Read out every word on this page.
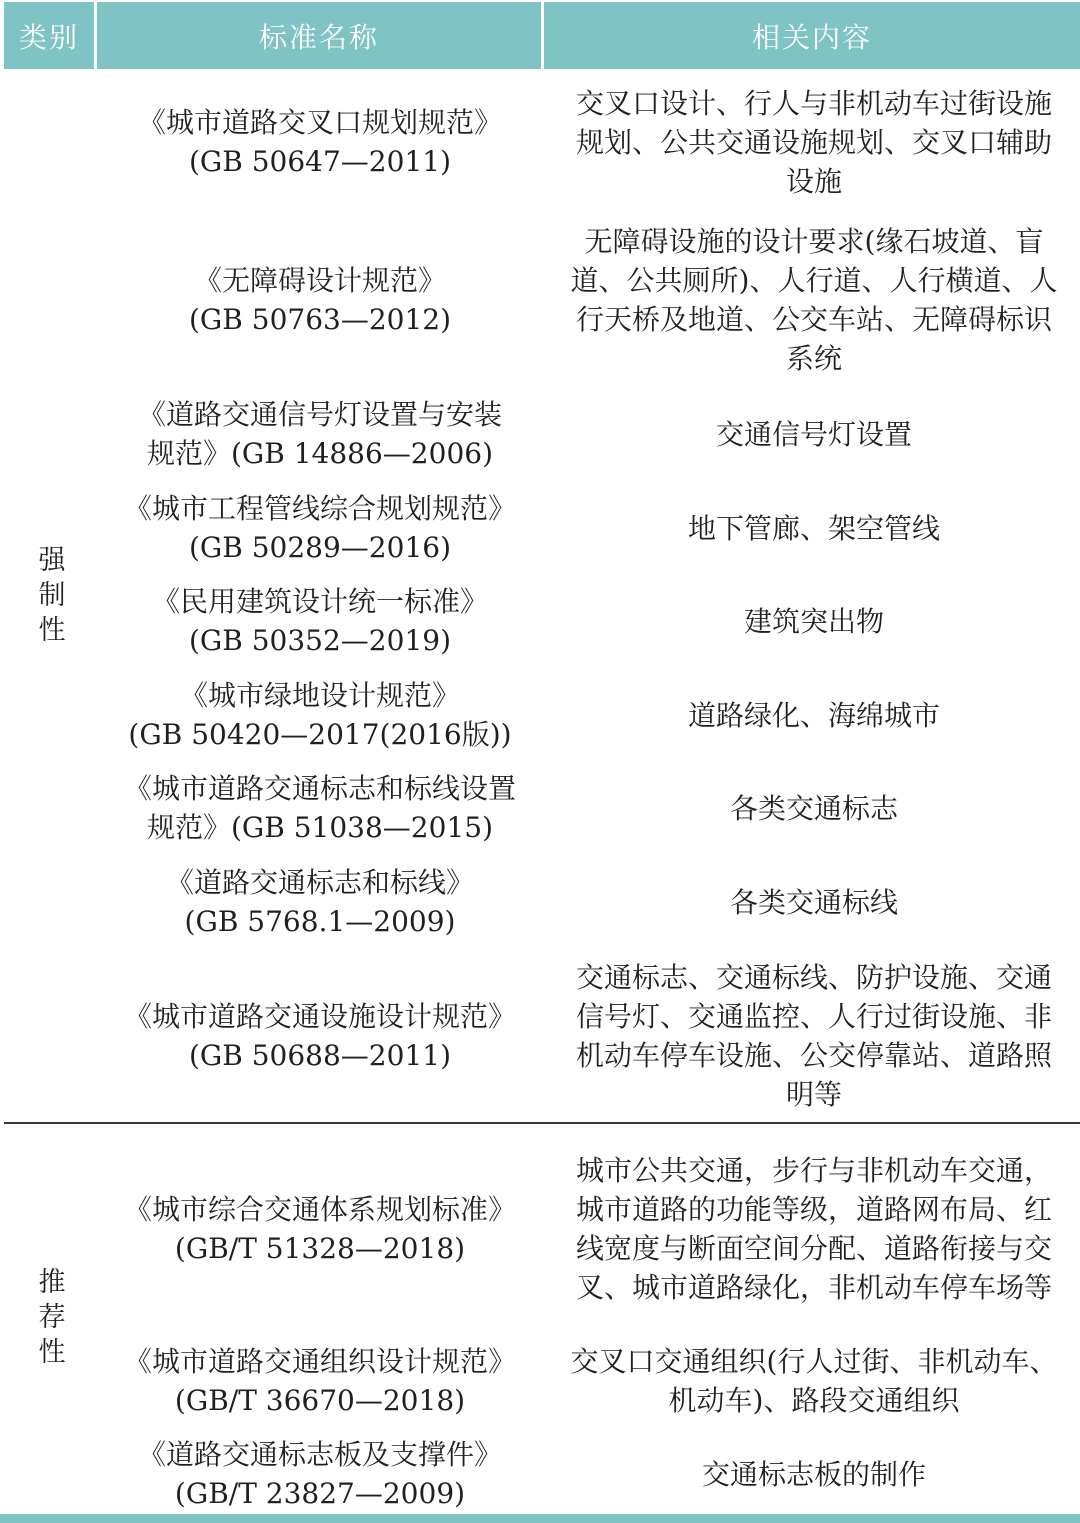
类别	标准名称	相关内容
强制性
推荐性
《城市道路交叉口规划规范》
(GB 50647—2011)
交叉口设计、行人与非机动车过街设施规划、公共交通设施规划、交叉口辅助设施
《无障碍设计规范》
(GB 50763—2012)
无障碍设施的设计要求(缘石坡道、盲道、公共厕所)、人行道、人行横道、人行天桥及地道、公交车站、无障碍标识系统
《道路交通信号灯设置与安装
规范》(GB 14886—2006)
交通信号灯设置
《城市工程管线综合规划规范》
(GB 50289—2016)
地下管廊、架空管线
《民用建筑设计统一标准》
(GB 50352—2019)
建筑突出物
《城市绿地设计规范》
(GB 50420—2017(2016版))
道路绿化、海绵城市
《城市道路交通标志和标线设置
规范》(GB 51038—2015)
各类交通标志
《道路交通标志和标线》
(GB 5768.1—2009)
各类交通标线
《城市道路交通设施设计规范》
(GB 50688—2011)
交通标志、交通标线、防护设施、交通信号灯、交通监控、人行过街设施、非机动车停车设施、公交停靠站、道路照明等
《城市综合交通体系规划标准》
(GB/T 51328—2018)
城市公共交通，步行与非机动车交通，城市道路的功能等级，道路网布局、红线宽度与断面空间分配、道路衔接与交叉、城市道路绿化，非机动车停车场等
《城市道路交通组织设计规范》
(GB/T 36670—2018)
交叉口交通组织(行人过街、非机动车、机动车)、路段交通组织
《道路交通标志板及支撑件》
(GB/T 23827—2009)
交通标志板的制作
